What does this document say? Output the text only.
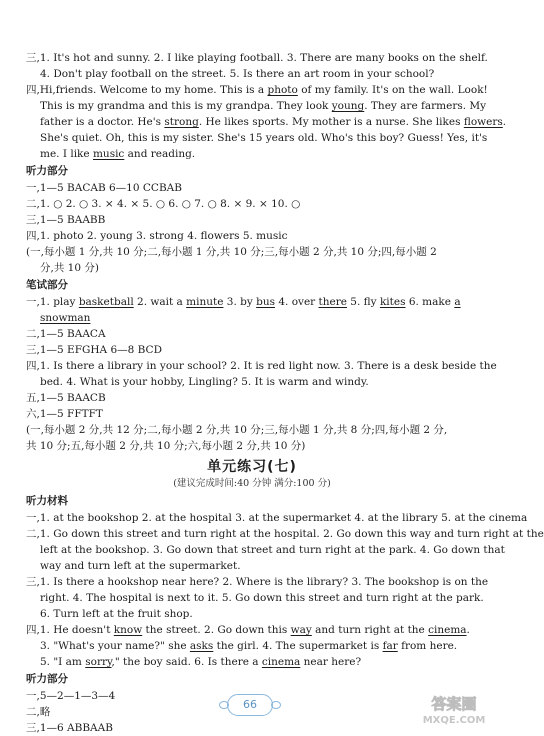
三,1. It's hot and sunny. 2. I like playing football. 3. There are many books on the shelf.
4. Don't play football on the street. 5. Is there an art room in your school?
四,Hi,friends. Welcome to my home. This is a photo of my family. It's on the wall. Look!
This is my grandma and this is my grandpa. They look young. They are farmers. My
father is a doctor. He's strong. He likes sports. My mother is a nurse. She likes flowers.
She's quiet. Oh, this is my sister. She's 15 years old. Who's this boy? Guess! Yes, it's
me. I like music and reading.
听力部分
一,1—5 BACAB 6—10 CCBAB
二,1. ○ 2. ○ 3. × 4. × 5. ○ 6. ○ 7. ○ 8. × 9. × 10. ○
三,1—5 BAABB
四,1. photo 2. young 3. strong 4. flowers 5. music
(一,每小题 1 分,共 10 分;二,每小题 1 分,共 10 分;三,每小题 2 分,共 10 分;四,每小题 2
分,共 10 分)
笔试部分
一,1. play basketball 2. wait a minute 3. by bus 4. over there 5. fly kites 6. make a
snowman
二,1—5 BAACA
三,1—5 EFGHA 6—8 BCD
四,1. Is there a library in your school? 2. It is red light now. 3. There is a desk beside the
bed. 4. What is your hobby, Lingling? 5. It is warm and windy.
五,1—5 BAACB
六,1—5 FFTFT
(一,每小题 2 分,共 12 分;二,每小题 2 分,共 10 分;三,每小题 1 分,共 8 分;四,每小题 2 分,
共 10 分;五,每小题 2 分,共 10 分;六,每小题 2 分,共 10 分)
单元练习(七)
(建议完成时间:40 分钟 满分:100 分)
听力材料
一,1. at the bookshop 2. at the hospital 3. at the supermarket 4. at the library 5. at the cinema
二,1. Go down this street and turn right at the hospital. 2. Go down this way and turn right at the
left at the bookshop. 3. Go down that street and turn right at the park. 4. Go down that
way and turn left at the supermarket.
三,1. Is there a hookshop near here? 2. Where is the library? 3. The bookshop is on the
right. 4. The hospital is next to it. 5. Go down this street and turn right at the park.
6. Turn left at the fruit shop.
四,1. He doesn't know the street. 2. Go down this way and turn right at the cinema.
3. "What's your name?" she asks the girl. 4. The supermarket is far from here.
5. "I am sorry," the boy said. 6. Is there a cinema near here?
听力部分
一,5—2—1—3—4
二,略
三,1—6 ABBAAB
66	答案圈
MXQE.COM
